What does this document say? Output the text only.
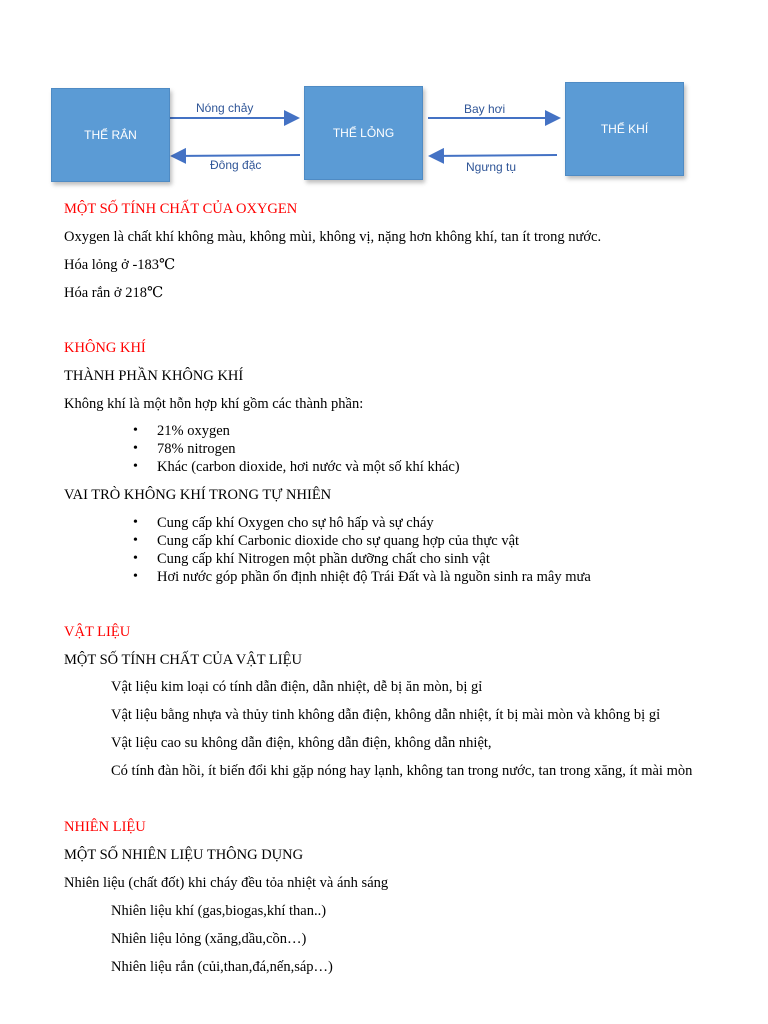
THỂ RẮN	THỂ LỎNG	THỂ KHÍ
Nóng chảy
Đông đặc
Bay hơi
Ngưng tụ
MỘT SỐ TÍNH CHẤT CỦA OXYGEN
Oxygen là chất khí không màu, không mùi, không vị, nặng hơn không khí, tan ít trong nước.
Hóa lỏng ở -183℃
Hóa rắn ở 218℃
KHÔNG KHÍ
THÀNH PHẦN KHÔNG KHÍ
Không khí là một hỗn hợp khí gồm các thành phần:
• 21% oxygen
• 78% nitrogen
• Khác (carbon dioxide, hơi nước và một số khí khác)
VAI TRÒ KHÔNG KHÍ TRONG TỰ NHIÊN
• Cung cấp khí Oxygen cho sự hô hấp và sự cháy
• Cung cấp khí Carbonic dioxide cho sự quang hợp của thực vật
• Cung cấp khí Nitrogen một phần dưỡng chất cho sinh vật
• Hơi nước góp phần ổn định nhiệt độ Trái Đất và là nguồn sinh ra mây mưa
VẬT LIỆU
MỘT SỐ TÍNH CHẤT CỦA VẬT LIỆU
Vật liệu kim loại có tính dẫn điện, dẫn nhiệt, dễ bị ăn mòn, bị gỉ
Vật liệu bằng nhựa và thủy tinh không dẫn điện, không dẫn nhiệt, ít bị mài mòn và không bị gỉ
Vật liệu cao su không dẫn điện, không dẫn điện, không dẫn nhiệt,
Có tính đàn hồi, ít biến đổi khi gặp nóng hay lạnh, không tan trong nước, tan trong xăng, ít mài mòn
NHIÊN LIỆU
MỘT SỐ NHIÊN LIỆU THÔNG DỤNG
Nhiên liệu (chất đốt) khi cháy đều tỏa nhiệt và ánh sáng
Nhiên liệu khí (gas,biogas,khí than..)
Nhiên liệu lỏng (xăng,dầu,cồn…)
Nhiên liệu rắn (củi,than,đá,nến,sáp…)
